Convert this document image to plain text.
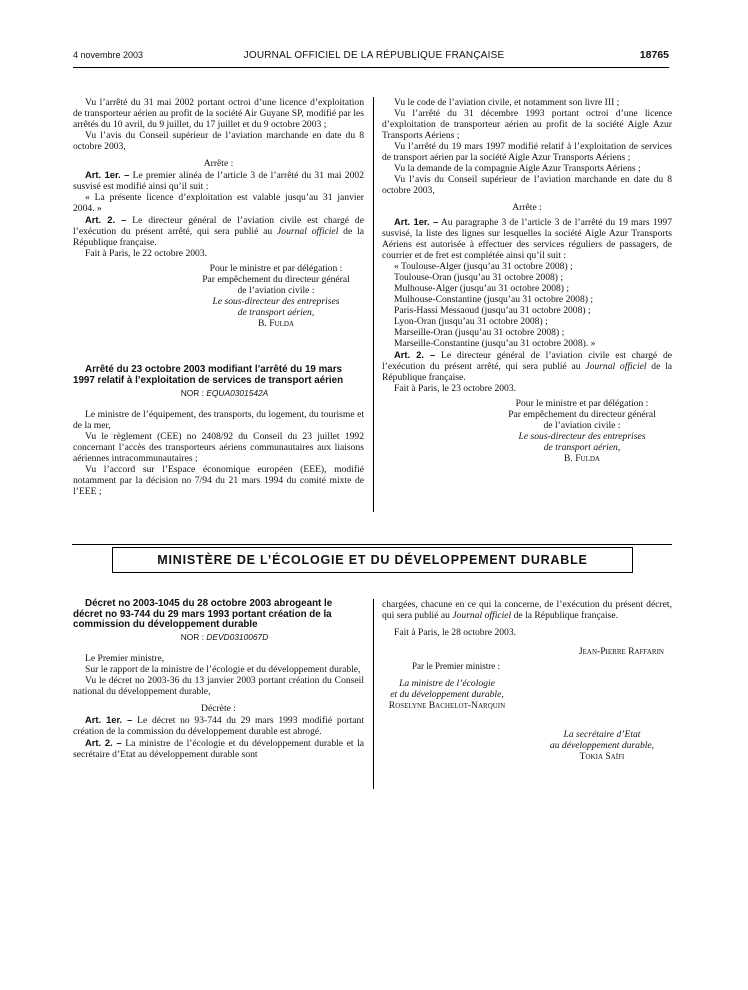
4 novembre 2003	JOURNAL OFFICIEL DE LA RÉPUBLIQUE FRANÇAISE	18765

Vu l’arrêté du 31 mai 2002 portant octroi d’une licence d’exploitation de transporteur aérien au profit de la société Air Guyane SP, modifié par les arrêtés du 10 avril, du 9 juillet, du 17 juillet et du 9 octobre 2003 ;

Vu l’avis du Conseil supérieur de l’aviation marchande en date du 8 octobre 2003,

Arrête :

Art. 1er. – Le premier alinéa de l’article 3 de l’arrêté du 31 mai 2002 susvisé est modifié ainsi qu’il suit :

« La présente licence d’exploitation est valable jusqu’au 31 janvier 2004. »

Art. 2. – Le directeur général de l’aviation civile est chargé de l’exécution du présent arrêté, qui sera publié au Journal officiel de la République française.

Fait à Paris, le 22 octobre 2003.

Pour le ministre et par délégation :

Par empêchement du directeur général

de l’aviation civile :

Le sous-directeur des entreprises

de transport aérien,

B. Fulda

Arrêté du 23 octobre 2003 modifiant l’arrêté du 19 mars 1997 relatif à l’exploitation de services de transport aérien

NOR : EQUA0301542A

Le ministre de l’équipement, des transports, du logement, du tourisme et de la mer,

Vu le règlement (CEE) no 2408/92 du Conseil du 23 juillet 1992 concernant l’accès des transporteurs aériens communautaires aux liaisons aériennes intracommunautaires ;

Vu l’accord sur l’Espace économique européen (EEE), modifié notamment par la décision no 7/94 du 21 mars 1994 du comité mixte de l’EEE ;

Vu le code de l’aviation civile, et notamment son livre III ;

Vu l’arrêté du 31 décembre 1993 portant octroi d’une licence d’exploitation de transporteur aérien au profit de la société Aigle Azur Transports Aériens ;

Vu l’arrêté du 19 mars 1997 modifié relatif à l’exploitation de services de transport aérien par la société Aigle Azur Transports Aériens ;

Vu la demande de la compagnie Aigle Azur Transports Aériens ;

Vu l’avis du Conseil supérieur de l’aviation marchande en date du 8 octobre 2003,

Arrête :

Art. 1er. – Au paragraphe 3 de l’article 3 de l’arrêté du 19 mars 1997 susvisé, la liste des lignes sur lesquelles la société Aigle Azur Transports Aériens est autorisée à effectuer des services réguliers de passagers, de courrier et de fret est complétée ainsi qu’il suit :

« Toulouse-Alger (jusqu’au 31 octobre 2008) ;

Toulouse-Oran (jusqu’au 31 octobre 2008) ;

Mulhouse-Alger (jusqu’au 31 octobre 2008) ;

Mulhouse-Constantine (jusqu’au 31 octobre 2008) ;

Paris-Hassi Messaoud (jusqu’au 31 octobre 2008) ;

Lyon-Oran (jusqu’au 31 octobre 2008) ;

Marseille-Oran (jusqu’au 31 octobre 2008) ;

Marseille-Constantine (jusqu’au 31 octobre 2008). »

Art. 2. – Le directeur général de l’aviation civile est chargé de l’exécution du présent arrêté, qui sera publié au Journal officiel de la République française.

Fait à Paris, le 23 octobre 2003.

Pour le ministre et par délégation :

Par empêchement du directeur général

de l’aviation civile :

Le sous-directeur des entreprises

de transport aérien,

B. Fulda

MINISTÈRE DE L’ÉCOLOGIE ET DU DÉVELOPPEMENT DURABLE

Décret no 2003-1045 du 28 octobre 2003 abrogeant le décret no 93-744 du 29 mars 1993 portant création de la commission du développement durable

NOR : DEVD0310067D

Le Premier ministre,

Sur le rapport de la ministre de l’écologie et du développement durable,

Vu le décret no 2003-36 du 13 janvier 2003 portant création du Conseil national du développement durable,

Décrète :

Art. 1er. – Le décret no 93-744 du 29 mars 1993 modifié portant création de la commission du développement durable est abrogé.

Art. 2. – La ministre de l’écologie et du développement durable et la secrétaire d’Etat au développement durable sont

chargées, chacune en ce qui la concerne, de l’exécution du présent décret, qui sera publié au Journal officiel de la République française.

Fait à Paris, le 28 octobre 2003.

Jean-Pierre Raffarin

Par le Premier ministre :

La ministre de l’écologie

et du développement durable,

Roselyne Bachelot-Narquin

La secrétaire d’Etat

au développement durable,

Tokia Saïfi
